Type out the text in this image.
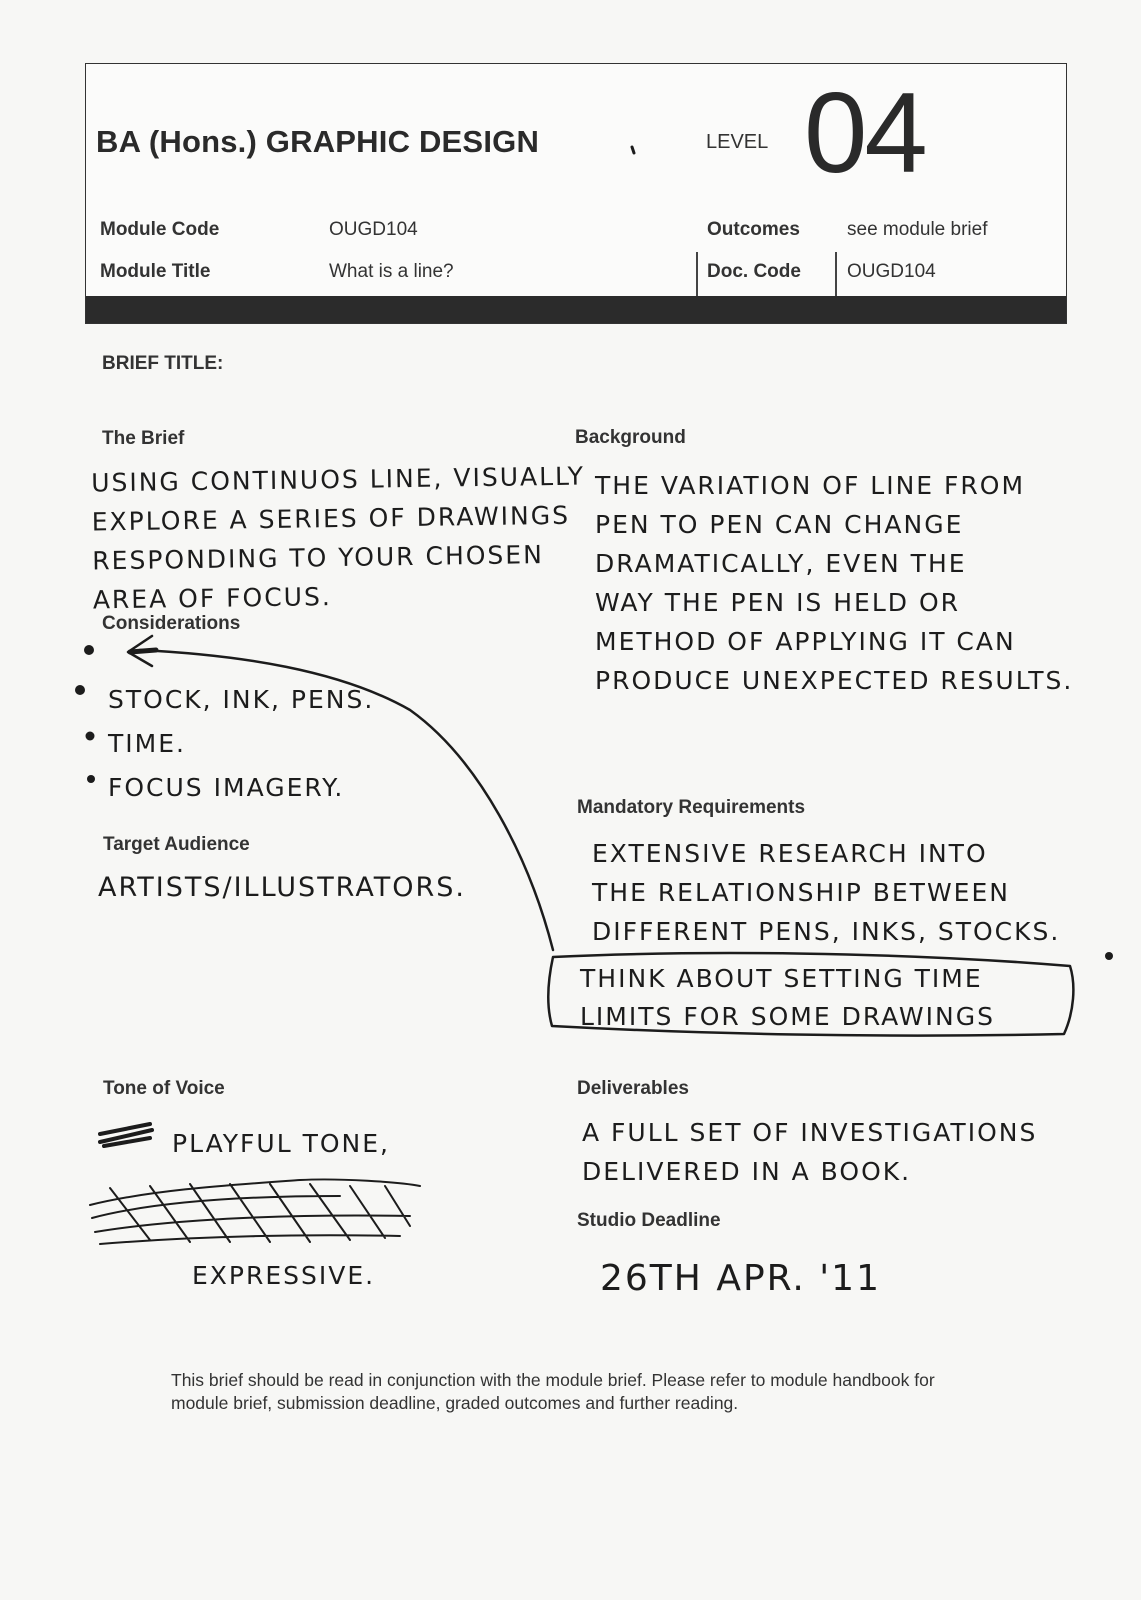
BA (Hons.) GRAPHIC DESIGN	LEVEL 04
Module Code	OUGD104
Module Title	What is a line?
Outcomes see module brief
Doc. Code OUGD104
BRIEF TITLE:
The Brief
USING CONTINUOS LINE, VISUALLY
EXPLORE A SERIES OF DRAWINGS
RESPONDING TO YOUR CHOSEN
AREA OF FOCUS.
Background
THE VARIATION OF LINE FROM
PEN TO PEN CAN CHANGE
DRAMATICALLY, EVEN THE
WAY THE PEN IS HELD OR
METHOD OF APPLYING IT CAN
PRODUCE UNEXPECTED RESULTS.
Considerations
STOCK, INK, PENS.
TIME.
FOCUS IMAGERY.
Target Audience
ARTISTS/ILLUSTRATORS.
Mandatory Requirements
EXTENSIVE RESEARCH INTO
THE RELATIONSHIP BETWEEN
DIFFERENT PENS, INKS, STOCKS.
THINK ABOUT SETTING TIME
LIMITS FOR SOME DRAWINGS
Tone of Voice
PLAYFUL TONE,
EXPRESSIVE.
Deliverables
A FULL SET OF INVESTIGATIONS
DELIVERED IN A BOOK.
Studio Deadline
26TH APR. '11
This brief should be read in conjunction with the module brief. Please refer to module handbook for module brief, submission deadline, graded outcomes and further reading.
